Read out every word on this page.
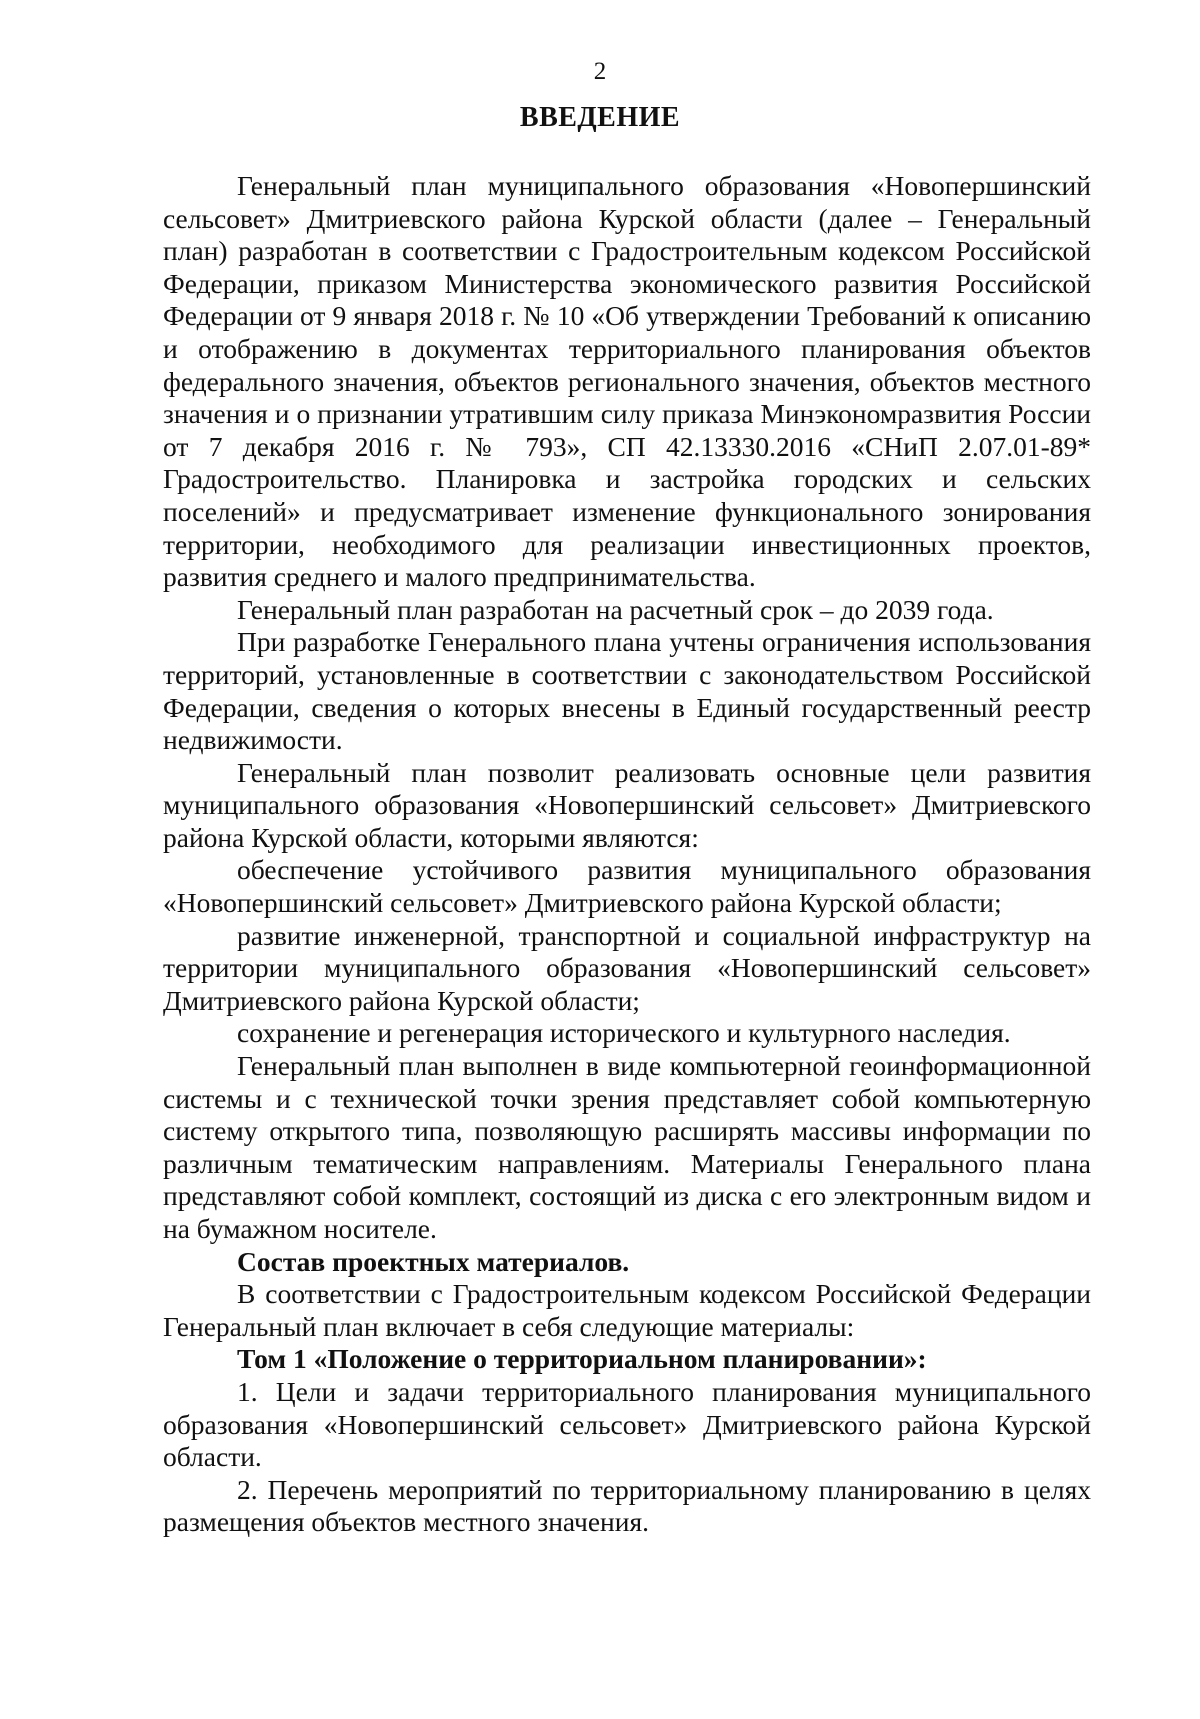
2
ВВЕДЕНИЕ

Генеральный план муниципального образования «Новопершинский сельсовет» Дмитриевского района Курской области (далее – Генеральный план) разработан в соответствии с Градостроительным кодексом Российской Федерации, приказом Министерства экономического развития Российской Федерации от 9 января 2018 г. № 10 «Об утверждении Требований к описанию и отображению в документах территориального планирования объектов федерального значения, объектов регионального значения, объектов местного значения и о признании утратившим силу приказа Минэкономразвития России от 7 декабря 2016 г. № 793», СП 42.13330.2016 «СНиП 2.07.01-89* Градостроительство. Планировка и застройка городских и сельских поселений» и предусматривает изменение функционального зонирования территории, необходимого для реализации инвестиционных проектов, развития среднего и малого предпринимательства.

Генеральный план разработан на расчетный срок – до 2039 года.

При разработке Генерального плана учтены ограничения использования территорий, установленные в соответствии с законодательством Российской Федерации, сведения о которых внесены в Единый государственный реестр недвижимости.

Генеральный план позволит реализовать основные цели развития муниципального образования «Новопершинский сельсовет» Дмитриевского района Курской области, которыми являются:

обеспечение устойчивого развития муниципального образования «Новопершинский сельсовет» Дмитриевского района Курской области;

развитие инженерной, транспортной и социальной инфраструктур на территории муниципального образования «Новопершинский сельсовет» Дмитриевского района Курской области;

сохранение и регенерация исторического и культурного наследия.

Генеральный план выполнен в виде компьютерной геоинформационной системы и с технической точки зрения представляет собой компьютерную систему открытого типа, позволяющую расширять массивы информации по различным тематическим направлениям. Материалы Генерального плана представляют собой комплект, состоящий из диска с его электронным видом и на бумажном носителе.

Состав проектных материалов.

В соответствии с Градостроительным кодексом Российской Федерации Генеральный план включает в себя следующие материалы:

Том 1 «Положение о территориальном планировании»:

1. Цели и задачи территориального планирования муниципального образования «Новопершинский сельсовет» Дмитриевского района Курской области.

2. Перечень мероприятий по территориальному планированию в целях размещения объектов местного значения.
